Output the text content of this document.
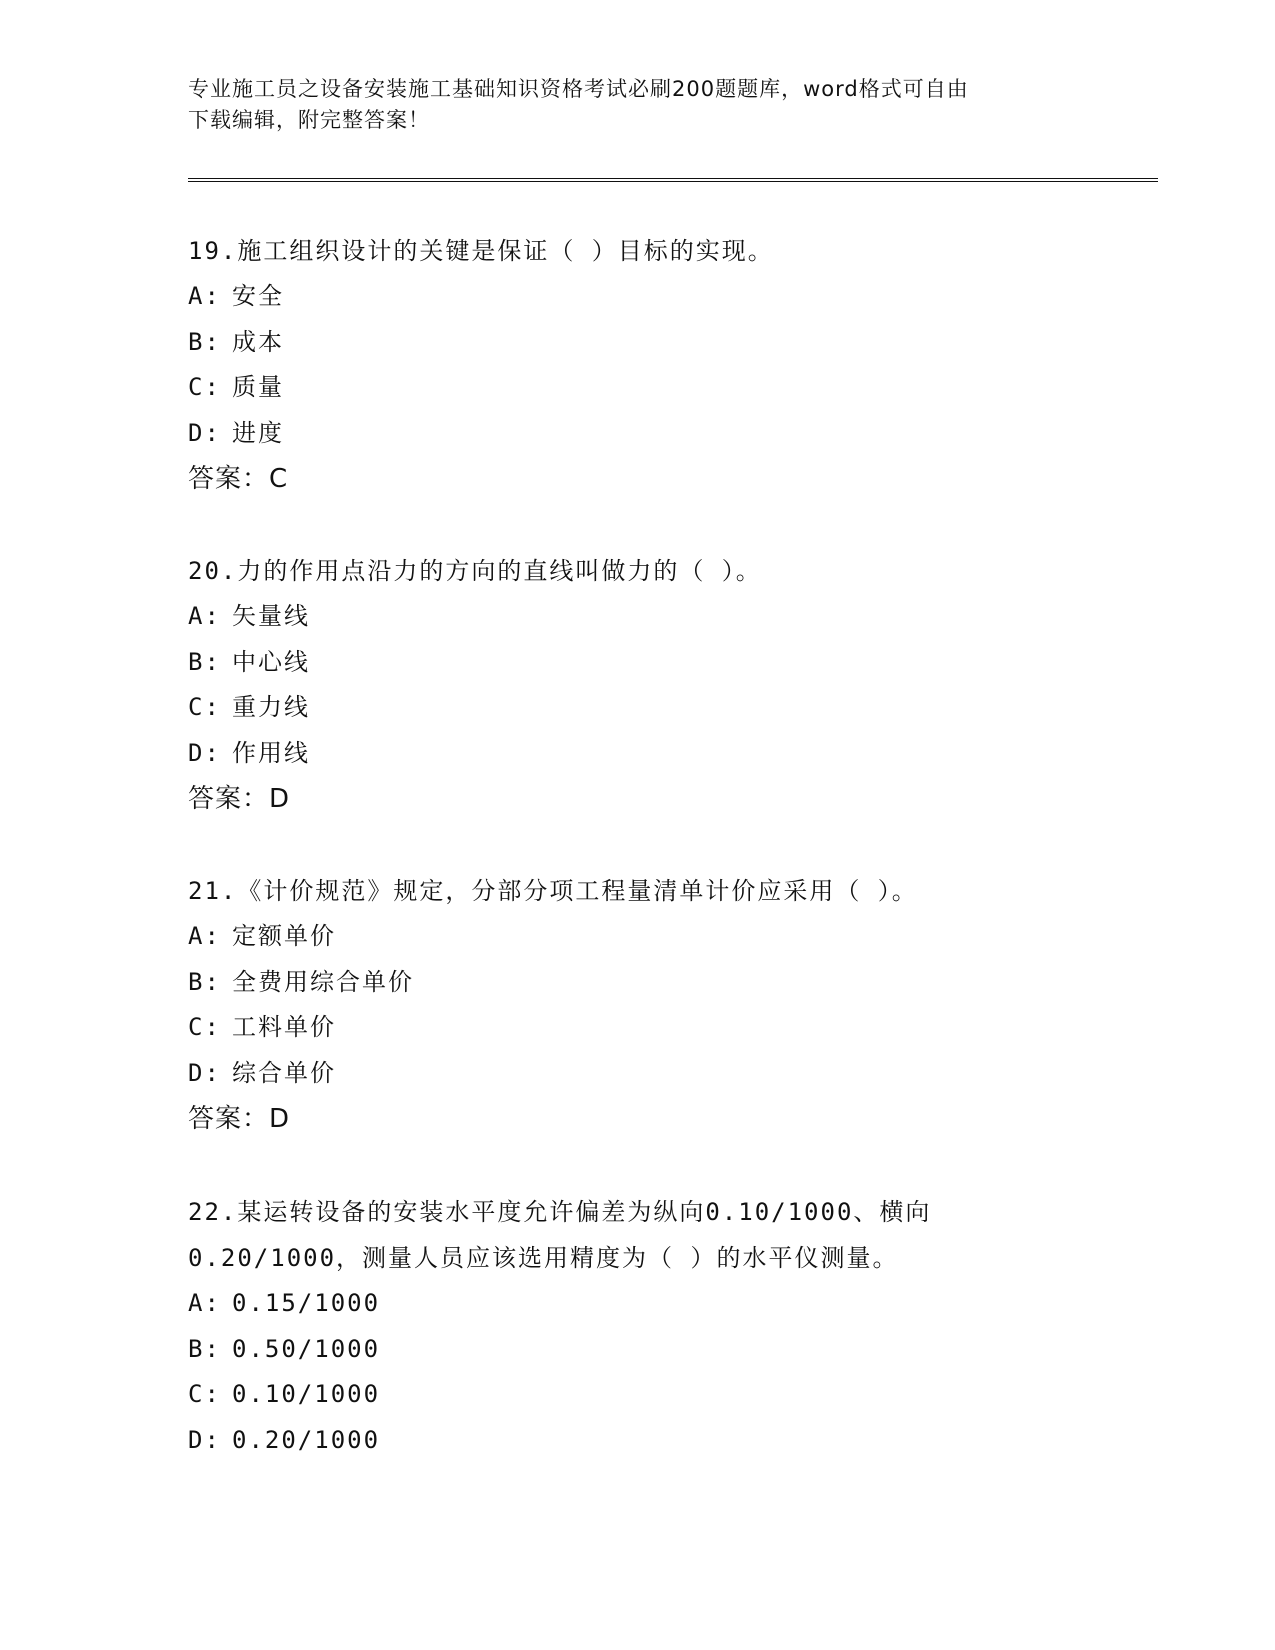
专业施工员之设备安装施工基础知识资格考试必刷200题题库，word格式可自由
下载编辑，附完整答案！
19.施工组织设计的关键是保证（ ）目标的实现。
A: 安全
B: 成本
C: 质量
D: 进度
答案：C
20.力的作用点沿力的方向的直线叫做力的（ ）。
A: 矢量线
B: 中心线
C: 重力线
D: 作用线
答案：D
21.《计价规范》规定，分部分项工程量清单计价应采用（ ）。
A: 定额单价
B: 全费用综合单价
C: 工料单价
D: 综合单价
答案：D
22.某运转设备的安装水平度允许偏差为纵向0.10/1000、横向
0.20/1000，测量人员应该选用精度为（ ）的水平仪测量。
A: 0.15/1000
B: 0.50/1000
C: 0.10/1000
D: 0.20/1000
